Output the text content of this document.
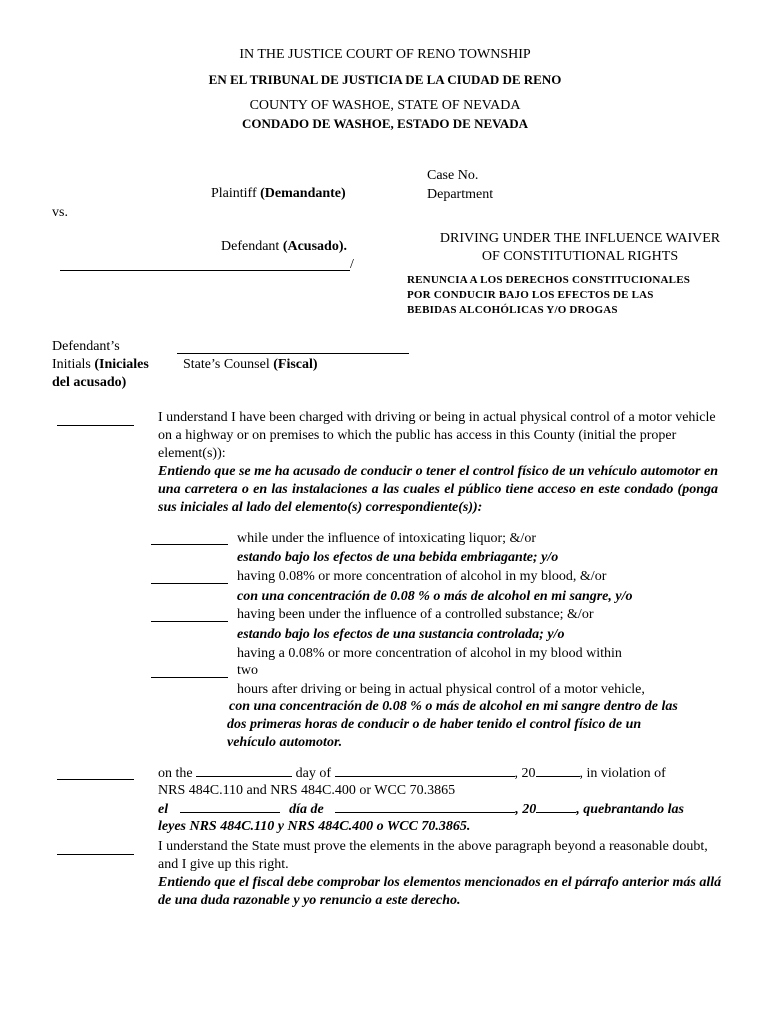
IN THE JUSTICE COURT OF RENO TOWNSHIP
EN EL TRIBUNAL DE JUSTICIA DE LA CIUDAD DE RENO
COUNTY OF WASHOE, STATE OF NEVADA
CONDADO DE WASHOE, ESTADO DE NEVADA
Plaintiff (Demandante)
vs.
Defendant (Acusado).
/
Case No.
Department
DRIVING UNDER THE INFLUENCE WAIVER
OF CONSTITUTIONAL RIGHTS
RENUNCIA A LOS DERECHOS CONSTITUCIONALES
POR CONDUCIR BAJO LOS EFECTOS DE LAS
BEBIDAS ALCOHÓLICAS Y/O DROGAS
Defendant’s
Initials (Iniciales
del acusado)
State’s Counsel (Fiscal)
I understand I have been charged with driving or being in actual physical control of a motor vehicle on a highway or on premises to which the public has access in this County (initial the proper element(s)):
Entiendo que se me ha acusado de conducir o tener el control físico de un vehículo automotor en una carretera o en las instalaciones a las cuales el público tiene acceso en este condado (ponga sus iniciales al lado del elemento(s) correspondiente(s)):
while under the influence of intoxicating liquor; &/or
estando bajo los efectos de una bebida embriagante; y/o
having 0.08% or more concentration of alcohol in my blood, &/or
con una concentración de 0.08 % o más de alcohol en mi sangre, y/o
having been under the influence of a controlled substance; &/or
estando bajo los efectos de una sustancia controlada; y/o
having a 0.08% or more concentration of alcohol in my blood within
two
hours after driving or being in actual physical control of a motor vehicle,
con una concentración de 0.08 % o más de alcohol en mi sangre dentro de las
dos primeras horas de conducir o de haber tenido el control físico de un
vehículo automotor.
on the	day of	, 20	, in violation of
NRS 484C.110 and NRS 484C.400 or WCC 70.3865
el	día de	, 20	, quebrantando las
leyes NRS 484C.110 y NRS 484C.400 o WCC 70.3865.
I understand the State must prove the elements in the above paragraph beyond a reasonable doubt, and I give up this right.
Entiendo que el fiscal debe comprobar los elementos mencionados en el párrafo anterior más allá de una duda razonable y yo renuncio a este derecho.
